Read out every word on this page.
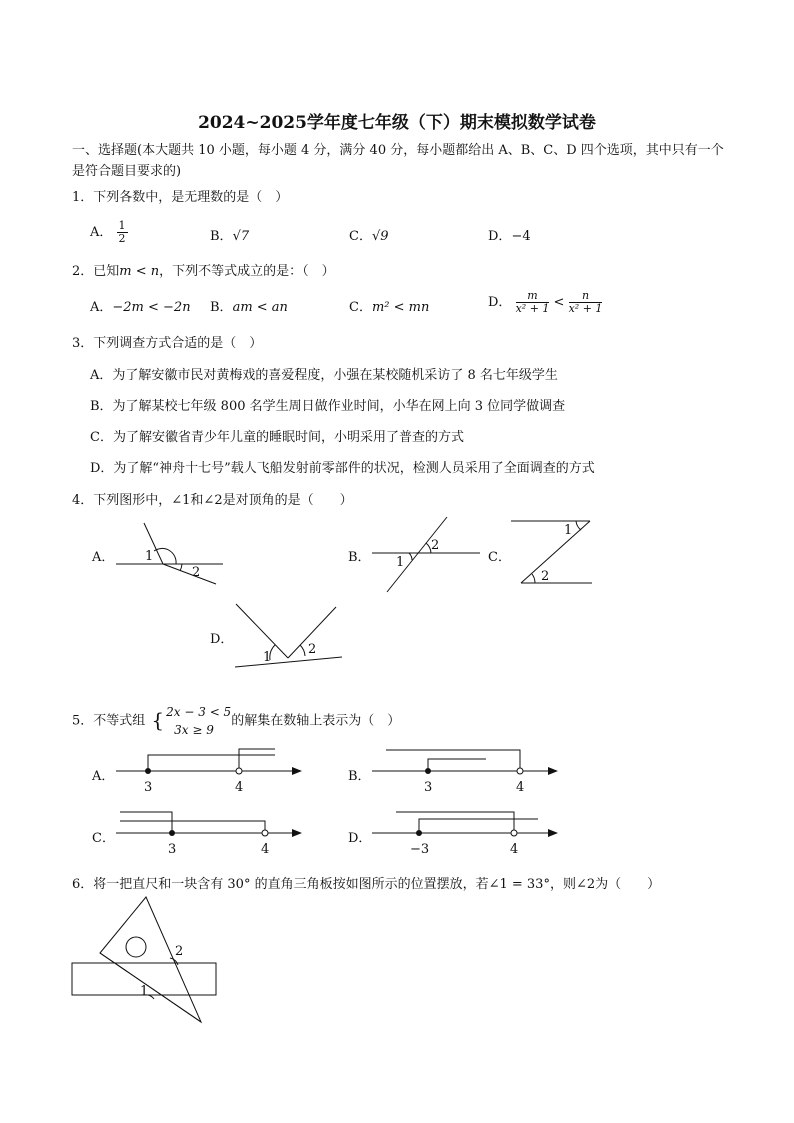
2024~2025学年度七年级（下）期末模拟数学试卷
一、选择题(本大题共 10 小题，每小题 4 分，满分 40 分，每小题都给出 A、B、C、D 四个选项，其中只有一个是符合题目要求的)
1．下列各数中，是无理数的是（　）
A． $\frac{1}{2}$	B．√7	C．√9	D．−4
2．已知m < n，下列不等式成立的是：（　）
A．−2m < −2n B．am < an	C．m² < mn	D． $\frac{m}{\text{x² + 1}} < \frac{n}{\text{x² + 1}}$
3．下列调查方式合适的是（　）
A．为了解安徽市民对黄梅戏的喜爱程度，小强在某校随机采访了 8 名七年级学生
B．为了解某校七年级 800 名学生周日做作业时间，小华在网上向 3 位同学做调查
C．为了解安徽省青少年儿童的睡眠时间，小明采用了普查的方式
D．为了解“神舟十七号”载人飞船发射前零部件的状况，检测人员采用了全面调查的方式
4．下列图形中，∠1和∠2是对顶角的是（　　）
A． 1
2
B．
2
1	C．
1
2
D．
1
2
5．不等式组 { 2x − 3 < 5
3x ≥ 9
的解集在数轴上表示为（　）
A．
3	4
B．
3	4
C．
3	4
D．
−3	4
6．将一把直尺和一块含有 30° 的直角三角板按如图所示的位置摆放，若∠1 = 33°，则∠2为（　　）
2
1
